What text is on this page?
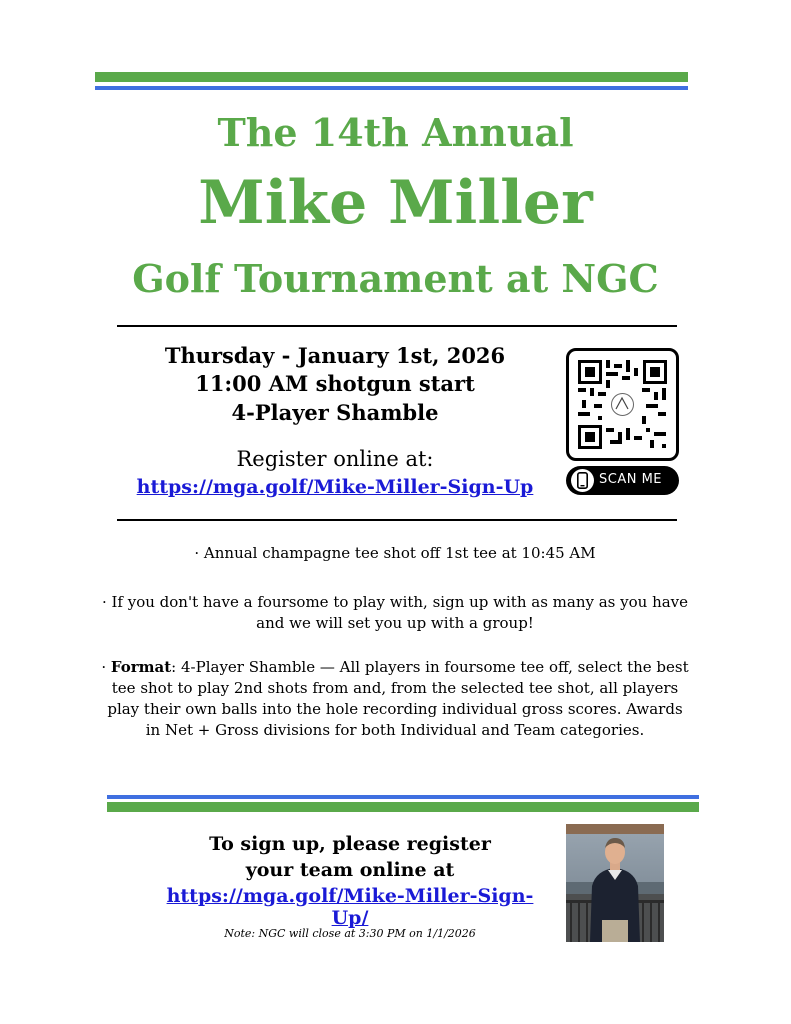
The 14th Annual
Mike Miller
Golf Tournament at NGC
Thursday - January 1st, 2026
11:00 AM shotgun start
4-Player Shamble
Register online at:
https://mga.golf/Mike-Miller-Sign-Up	SCAN ME
· Annual champagne tee shot off 1st tee at 10:45 AM
· If you don't have a foursome to play with, sign up with as many as you have and we will set you up with a group!
· Format: 4-Player Shamble — All players in foursome tee off, select the best tee shot to play 2nd shots from and, from the selected tee shot, all players play their own balls into the hole recording individual gross scores. Awards in Net + Gross divisions for both Individual and Team categories.
To sign up, please register
your team online at
https://mga.golf/Mike-Miller-Sign-Up/
Note: NGC will close at 3:30 PM on 1/1/2026
